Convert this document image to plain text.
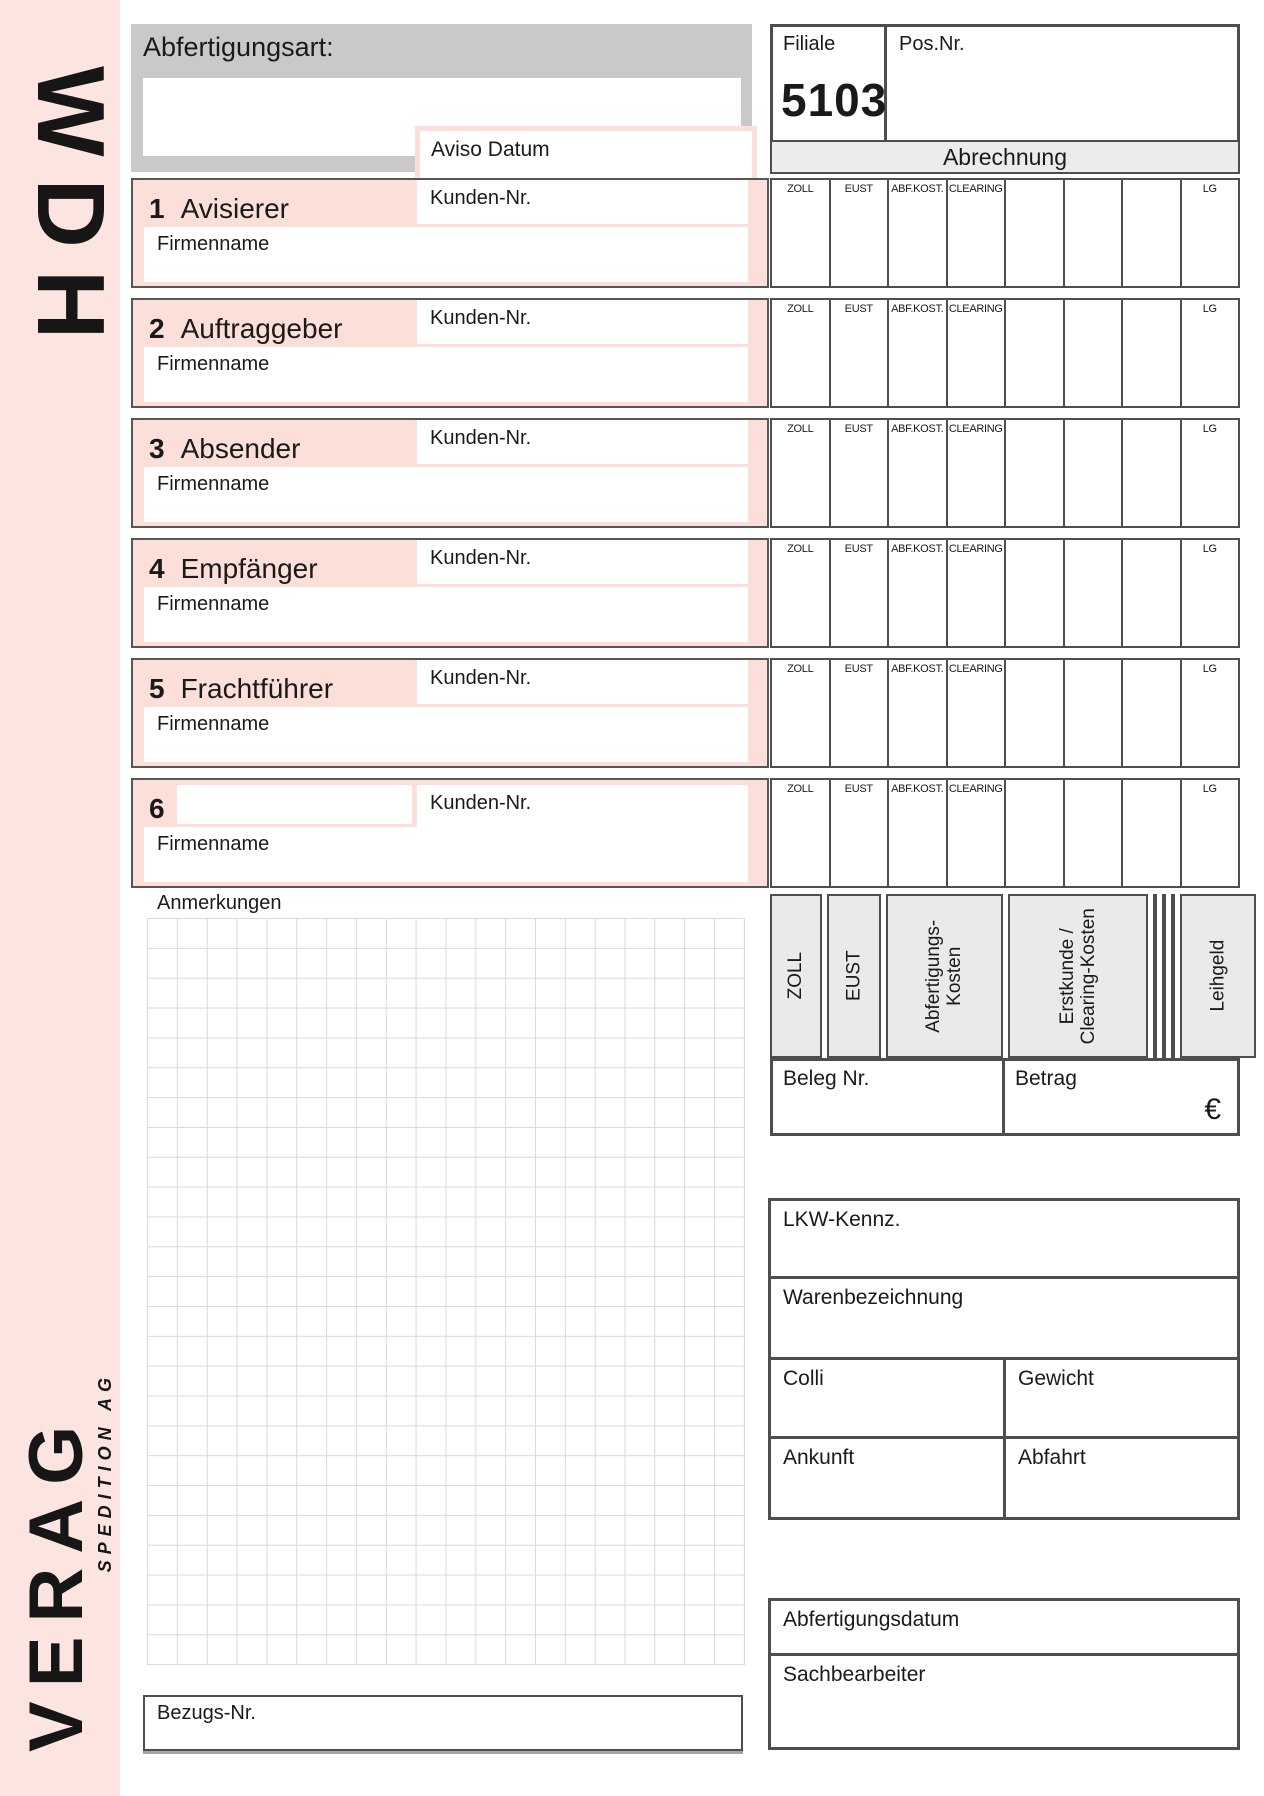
WDH
VERAG
SPEDITION AG
Abfertigungsart:	Filiale
5103
Pos.Nr.
Aviso Datum
1 Avisierer	Kunden-Nr.
Firmenname
2 Auftraggeber	Kunden-Nr.
Firmenname
3 Absender	Kunden-Nr.
Firmenname
4 Empfänger	Kunden-Nr.
Firmenname
5 Frachtführer	Kunden-Nr.
Firmenname
6	Kunden-Nr.
Firmenname
Abrechnung
ZOLL	EUST	ABF.KOST. CLEARING	LG
ZOLL	EUST	ABF.KOST. CLEARING	LG
ZOLL	EUST	ABF.KOST. CLEARING	LG
ZOLL	EUST	ABF.KOST. CLEARING	LG
ZOLL	EUST	ABF.KOST. CLEARING	LG
ZOLL	EUST	ABF.KOST. CLEARING	LG
ZOLL EUST	Abfertigungs- Kosten	Erstkunde / Clearing-Kosten	Leihgeld
Beleg Nr.	Betrag
€
Anmerkungen
Bezugs-Nr.
LKW-Kennz.
Warenbezeichnung
Colli	Gewicht
Ankunft	Abfahrt
Abfertigungsdatum
Sachbearbeiter
